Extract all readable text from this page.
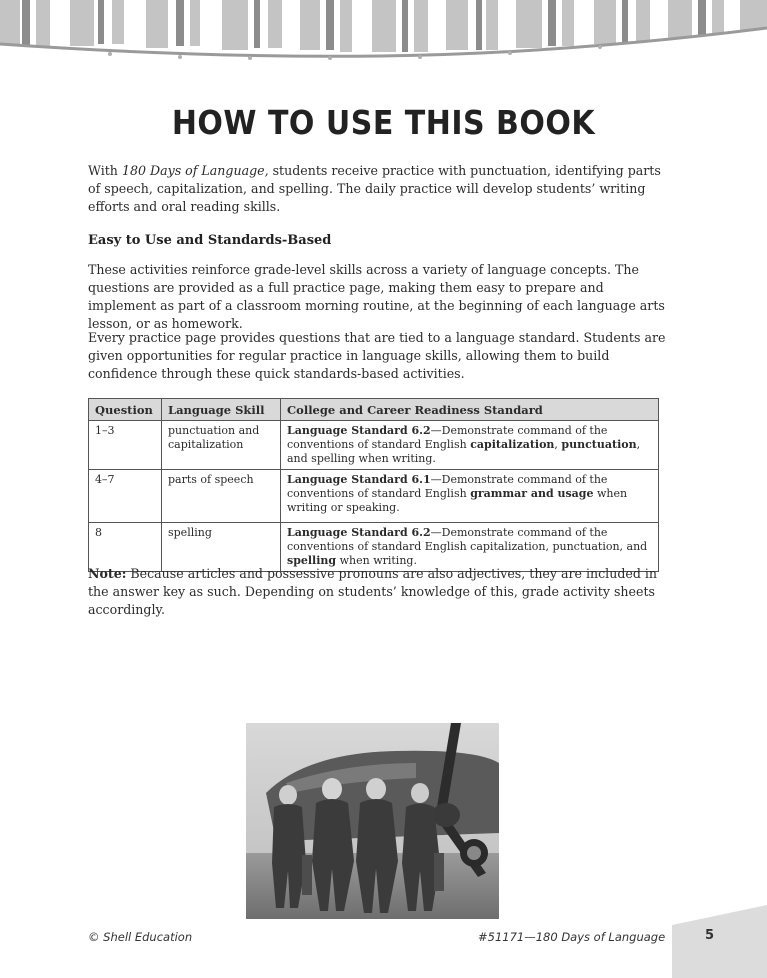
HOW TO USE THIS BOOK
With 180 Days of Language, students receive practice with punctuation, identifying parts of speech, capitalization, and spelling. The daily practice will develop students’ writing efforts and oral reading skills.
Easy to Use and Standards-Based
These activities reinforce grade-level skills across a variety of language concepts. The questions are provided as a full practice page, making them easy to prepare and implement as part of a classroom morning routine, at the beginning of each language arts lesson, or as homework.
Every practice page provides questions that are tied to a language standard. Students are given opportunities for regular practice in language skills, allowing them to build confidence through these quick standards-based activities.
Question	Language Skill	College and Career Readiness Standard
1–3	punctuation and capitalization	Language Standard 6.2—Demonstrate command of the conventions of standard English capitalization, punctuation, and spelling when writing.
4–7	parts of speech	Language Standard 6.1—Demonstrate command of the conventions of standard English grammar and usage when writing or speaking.
8	spelling	Language Standard 6.2—Demonstrate command of the conventions of standard English capitalization, punctuation, and spelling when writing.
Note: Because articles and possessive pronouns are also adjectives, they are included in the answer key as such. Depending on students’ knowledge of this, grade activity sheets accordingly.
© Shell Education	#51171—180 Days of Language	5
